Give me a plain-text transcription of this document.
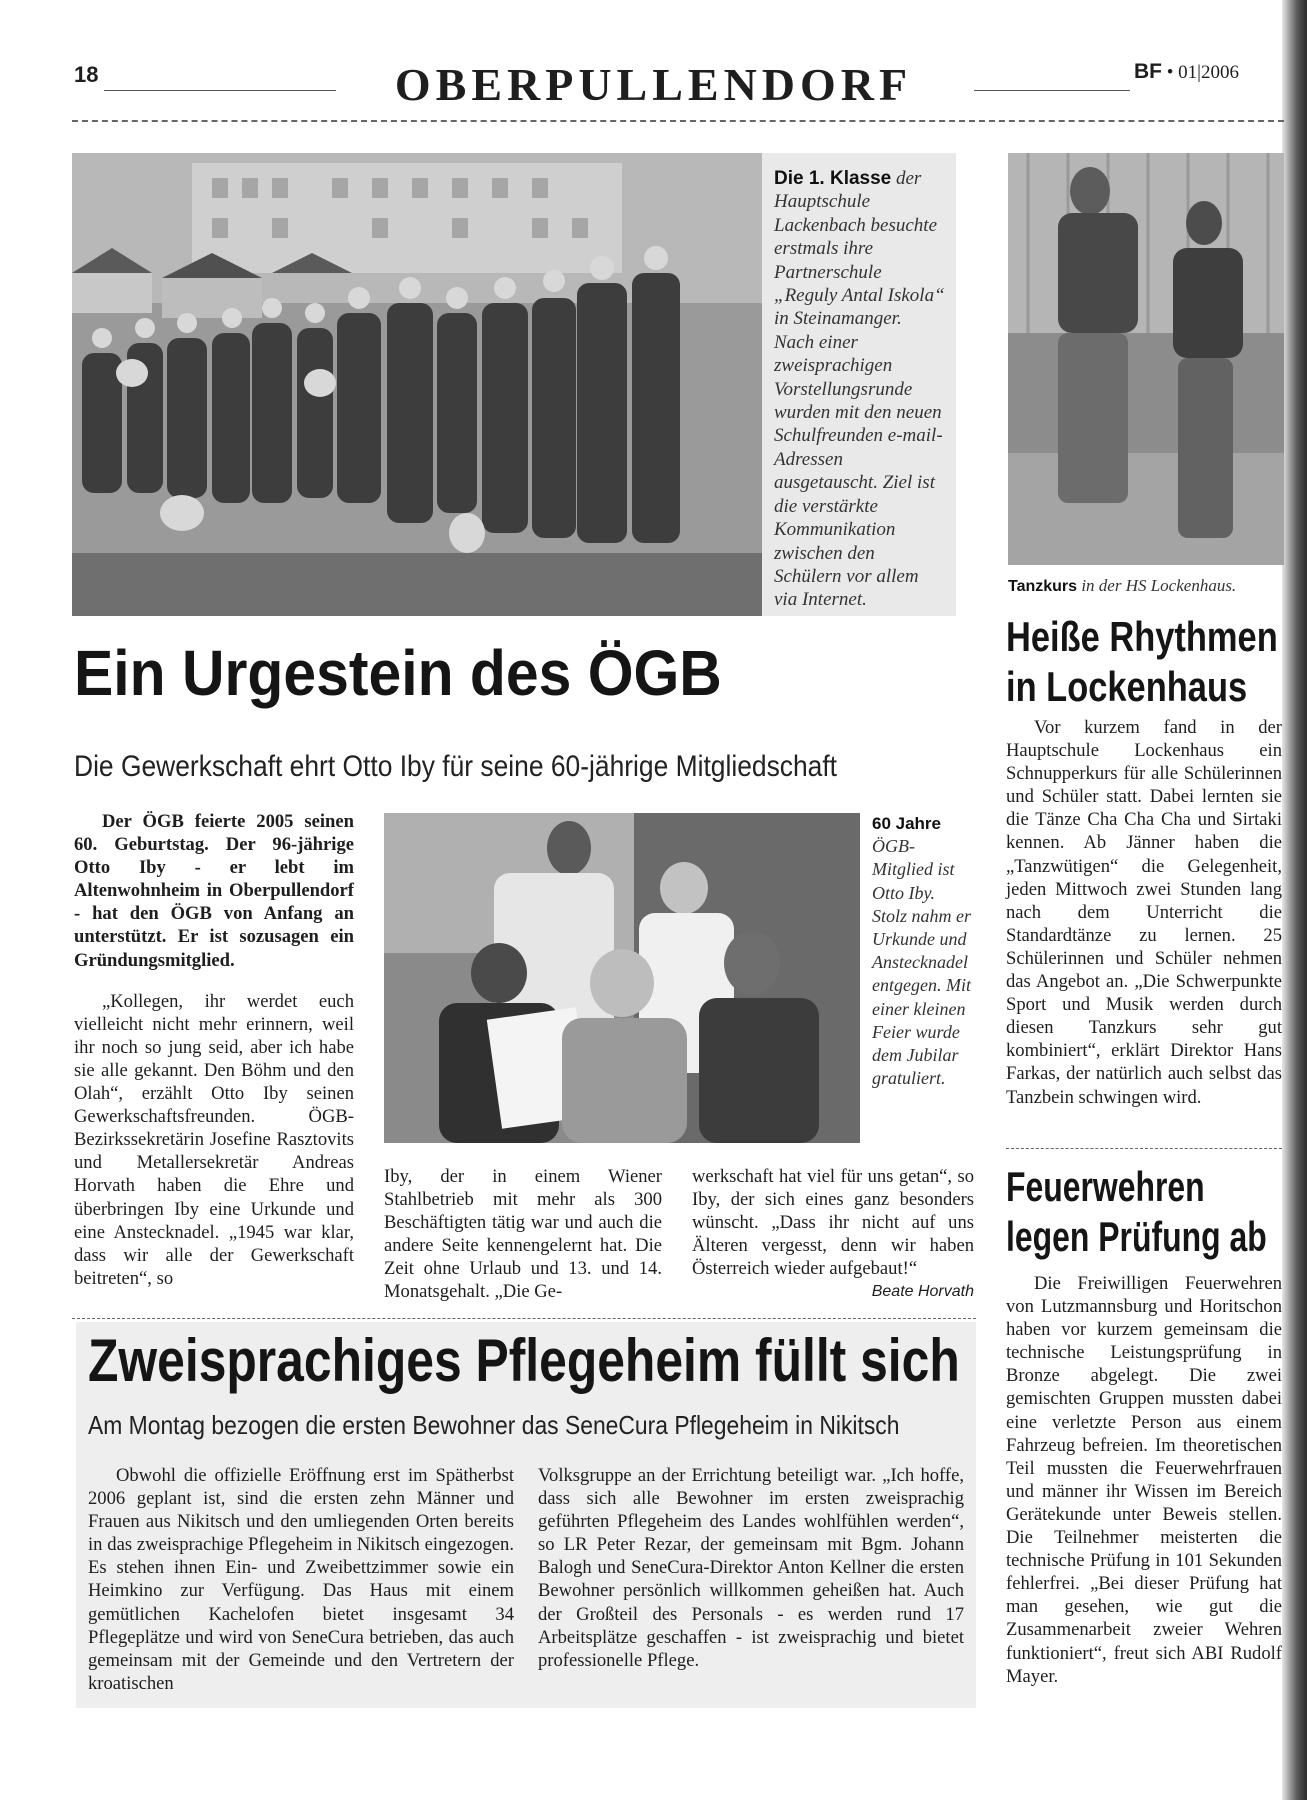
18	OBERPULLENDORF	BF • 01|2006
Die 1. Klasse der Hauptschule Lackenbach besuchte erstmals ihre Partnerschule „Reguly Antal Iskola“ in Steinamanger. Nach einer zweisprachigen Vorstellungsrunde wurden mit den neuen Schulfreunden e-mail-Adressen ausgetauscht. Ziel ist die verstärkte Kommunikation zwischen den Schülern vor allem via Internet.
Tanzkurs in der HS Lockenhaus.
Ein Urgestein des ÖGB
Die Gewerkschaft ehrt Otto Iby für seine 60-jährige Mitgliedschaft

Der ÖGB feierte 2005 seinen 60. Geburtstag. Der 96-jährige Otto Iby - er lebt im Altenwohnheim in Oberpullendorf - hat den ÖGB von Anfang an unterstützt. Er ist sozusagen ein Gründungsmitglied.

„Kollegen, ihr werdet euch vielleicht nicht mehr erinnern, weil ihr noch so jung seid, aber ich habe sie alle gekannt. Den Böhm und den Olah“, erzählt Otto Iby seinen Gewerkschaftsfreunden. ÖGB-Bezirkssekretärin Josefine Rasztovits und Metallersekretär Andreas Horvath haben die Ehre und überbringen Iby eine Urkunde und eine Anstecknadel. „1945 war klar, dass wir alle der Gewerkschaft beitreten“, so

60 Jahre ÖGB-Mitglied ist Otto Iby. Stolz nahm er Urkunde und Anstecknadel entgegen. Mit einer kleinen Feier wurde dem Jubilar gratuliert.

Iby, der in einem Wiener Stahlbetrieb mit mehr als 300 Beschäftigten tätig war und auch die andere Seite kennengelernt hat. Die Zeit ohne Urlaub und 13. und 14. Monatsgehalt. „Die Ge-

werkschaft hat viel für uns getan“, so Iby, der sich eines ganz besonders wünscht. „Dass ihr nicht auf uns Älteren vergesst, denn wir haben Österreich wieder aufgebaut!“
Beate Horvath

Zweisprachiges Pflegeheim füllt sich
Am Montag bezogen die ersten Bewohner das SeneCura Pflegeheim in Nikitsch

Obwohl die offizielle Eröffnung erst im Spätherbst 2006 geplant ist, sind die ersten zehn Männer und Frauen aus Nikitsch und den umliegenden Orten bereits in das zweisprachige Pflegeheim in Nikitsch eingezogen. Es stehen ihnen Ein- und Zweibettzimmer sowie ein Heimkino zur Verfügung. Das Haus mit einem gemütlichen Kachelofen bietet insgesamt 34 Pflegeplätze und wird von SeneCura betrieben, das auch gemeinsam mit der Gemeinde und den Vertretern der kroatischen

Volksgruppe an der Errichtung beteiligt war. „Ich hoffe, dass sich alle Bewohner im ersten zweisprachig geführten Pflegeheim des Landes wohlfühlen werden“, so LR Peter Rezar, der gemeinsam mit Bgm. Johann Balogh und SeneCura-Direktor Anton Kellner die ersten Bewohner persönlich willkommen geheißen hat. Auch der Großteil des Personals - es werden rund 17 Arbeitsplätze geschaffen - ist zweisprachig und bietet professionelle Pflege.

Heiße Rhythmen
in Lockenhaus

Vor kurzem fand in der Hauptschule Lockenhaus ein Schnupperkurs für alle Schülerinnen und Schüler statt. Dabei lernten sie die Tänze Cha Cha Cha und Sirtaki kennen. Ab Jänner haben die „Tanzwütigen“ die Gelegenheit, jeden Mittwoch zwei Stunden lang nach dem Unterricht die Standardtänze zu lernen. 25 Schülerinnen und Schüler nehmen das Angebot an. „Die Schwerpunkte Sport und Musik werden durch diesen Tanzkurs sehr gut kombiniert“, erklärt Direktor Hans Farkas, der natürlich auch selbst das Tanzbein schwingen wird.

Feuerwehren
legen Prüfung ab

Die Freiwilligen Feuerwehren von Lutzmannsburg und Horitschon haben vor kurzem gemeinsam die technische Leistungsprüfung in Bronze abgelegt. Die zwei gemischten Gruppen mussten dabei eine verletzte Person aus einem Fahrzeug befreien. Im theoretischen Teil mussten die Feuerwehrfrauen und männer ihr Wissen im Bereich Gerätekunde unter Beweis stellen. Die Teilnehmer meisterten die technische Prüfung in 101 Sekunden fehlerfrei. „Bei dieser Prüfung hat man gesehen, wie gut die Zusammenarbeit zweier Wehren funktioniert“, freut sich ABI Rudolf Mayer.
